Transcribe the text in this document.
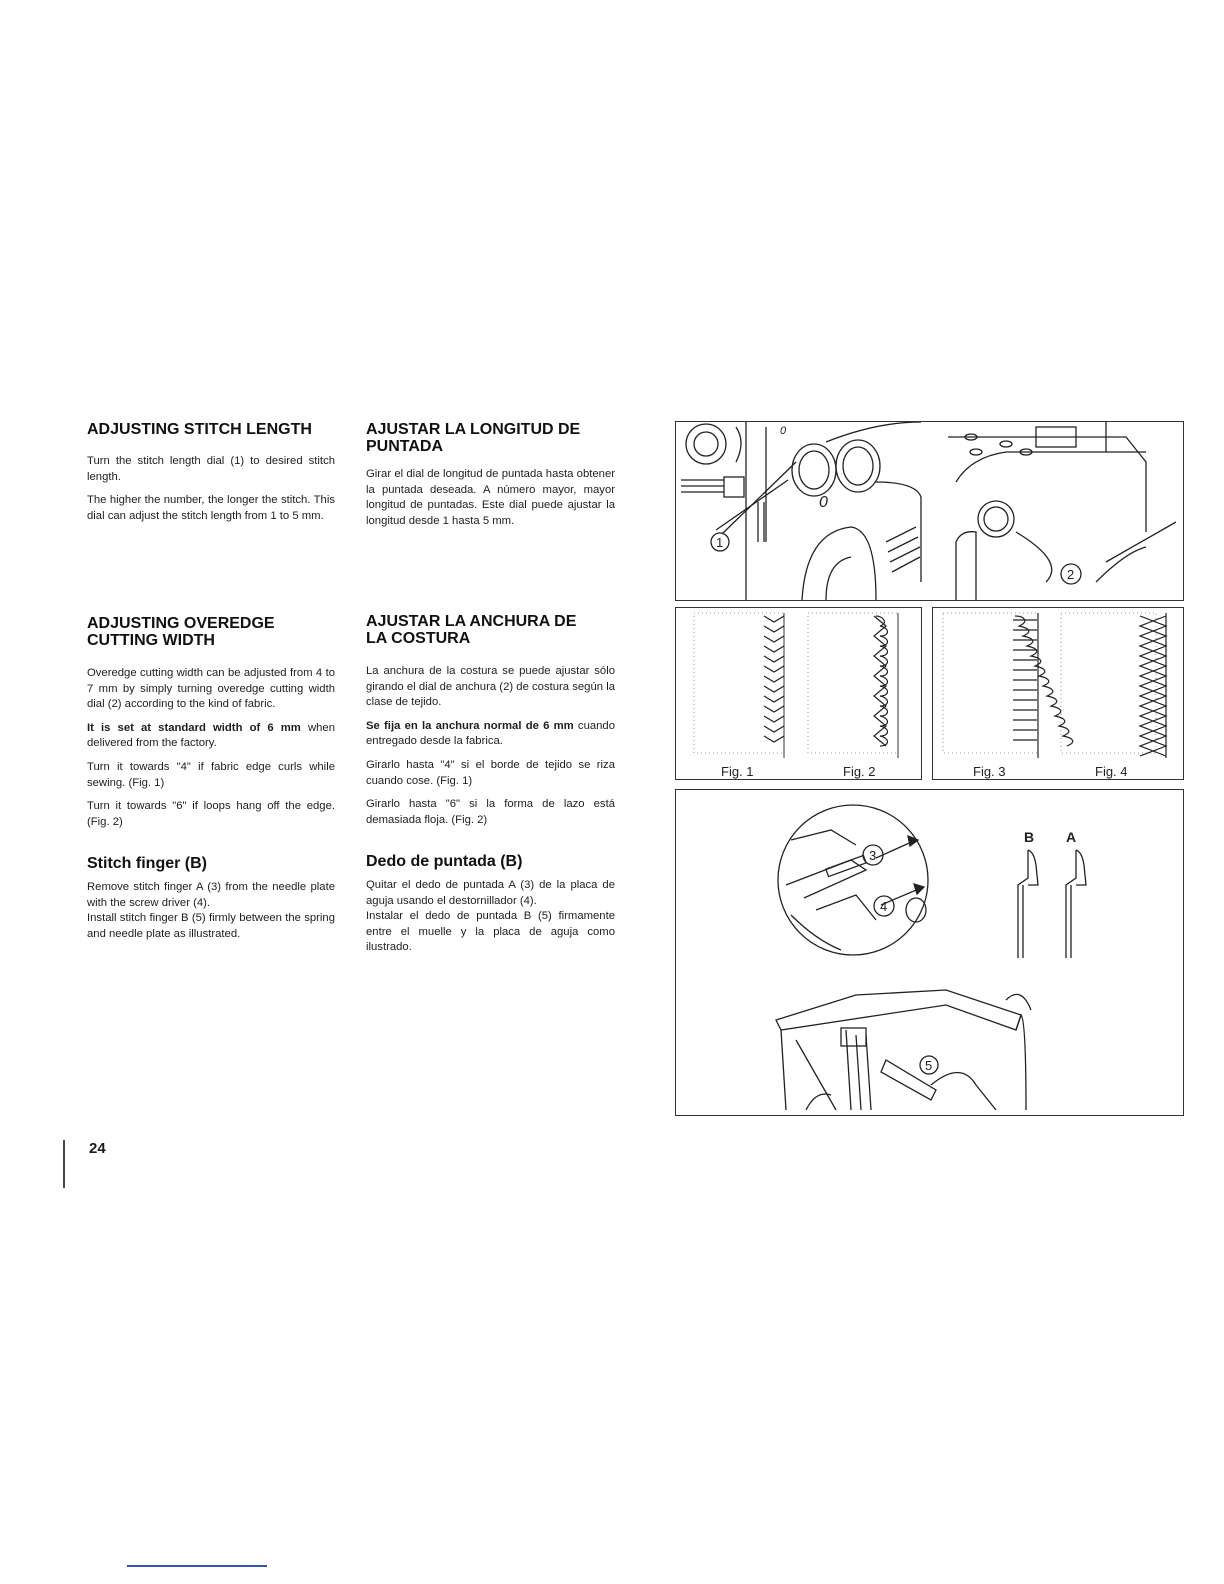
ADJUSTING STITCH LENGTH

Turn the stitch length dial (1) to desired stitch length.

The higher the number, the longer the stitch. This dial can adjust the stitch length from 1 to 5 mm.

ADJUSTING OVEREDGE
CUTTING WIDTH

Overedge cutting width can be adjusted from 4 to 7 mm by simply turning overedge cutting width dial (2) according to the kind of fabric.

It is set at standard width of 6 mm when delivered from the factory.

Turn it towards "4" if fabric edge curls while sewing. (Fig. 1)

Turn it towards "6" if loops hang off the edge. (Fig. 2)

Stitch finger (B)

Remove stitch finger A (3) from the needle plate with the screw driver (4).

Install stitch finger B (5) firmly between the spring and needle plate as illustrated.

AJUSTAR LA LONGITUD DE
PUNTADA

Girar el dial de longitud de puntada hasta obtener la puntada deseada. A número mayor, mayor longitud de puntadas. Este dial puede ajustar la longitud desde 1 hasta 5 mm.

AJUSTAR LA ANCHURA DE
LA COSTURA

La anchura de la costura se puede ajustar sólo girando el dial de anchura (2) de costura según la clase de tejido.

Se fija en la anchura normal de 6 mm cuando entregado desde la fabrica.

Girarlo hasta "4" si el borde de tejido se riza cuando cose. (Fig. 1)

Girarlo hasta "6" si la forma de lazo está demasiada floja. (Fig. 2)

Dedo de puntada (B)

Quitar el dedo de puntada A (3) de la placa de aguja usando el destornillador (4).

Instalar el dedo de puntada B (5) firmamente entre el muelle y la placa de aguja como ilustrado.

0
0
1
2
Fig. 1	Fig. 2	Fig. 3	Fig. 4
3
4
5
B A
24
